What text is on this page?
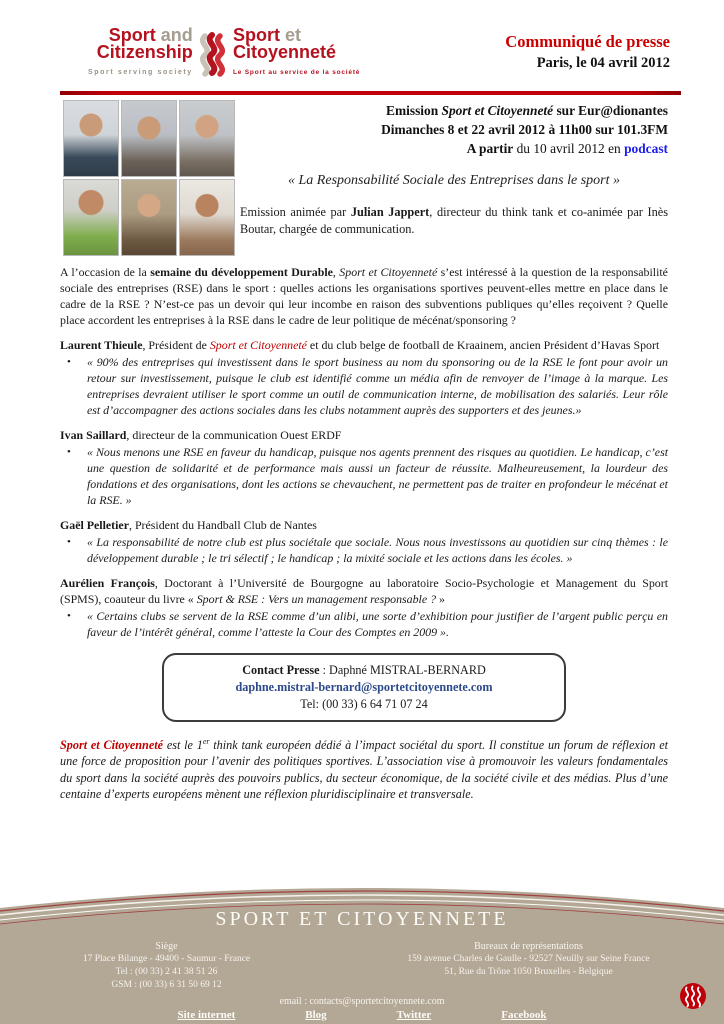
Sport and
Citizenship
Sport serving society
Sport et
Citoyenneté
Le Sport au service de la société
Communiqué de presse
Paris, le 04 avril 2012
Emission Sport et Citoyenneté sur Eur@dionantes
Dimanches 8 et 22 avril 2012 à 11h00 sur 101.3FM
A partir du 10 avril 2012 en podcast
« La Responsabilité Sociale des Entreprises dans le sport »
Emission animée par Julian Jappert, directeur du think tank et co-animée par Inès Boutar, chargée de communication.

A l’occasion de la semaine du développement Durable, Sport et Citoyenneté s’est intéressé à la question de la responsabilité sociale des entreprises (RSE) dans le sport : quelles actions les organisations sportives peuvent-elles mettre en place dans le cadre de la RSE ? N’est-ce pas un devoir qui leur incombe en raison des subventions publiques qu’elles reçoivent ? Quelle place accordent les entreprises à la RSE dans le cadre de leur politique de mécénat/sponsoring ?

Laurent Thieule, Président de Sport et Citoyenneté et du club belge de football de Kraainem, ancien Président d’Havas Sport

•	« 90% des entreprises qui investissent dans le sport business au nom du sponsoring ou de la RSE le font pour avoir un retour sur investissement, puisque le club est identifié comme un média afin de renvoyer de l’image à la marque. Les entreprises devraient utiliser le sport comme un outil de communication interne, de mobilisation des salariés. Leur rôle est d’accompagner des actions sociales dans les clubs notamment auprès des supporters et des jeunes.»

Ivan Saillard, directeur de la communication Ouest ERDF

•	« Nous menons une RSE en faveur du handicap, puisque nos agents prennent des risques au quotidien. Le handicap, c’est une question de solidarité et de performance mais aussi un facteur de réussite. Malheureusement, la lourdeur des fondations et des organisations, dont les actions se chevauchent, ne permettent pas de traiter en profondeur le mécénat et la RSE. »

Gaël Pelletier, Président du Handball Club de Nantes

•	« La responsabilité de notre club est plus sociétale que sociale. Nous nous investissons au quotidien sur cinq thèmes : le développement durable ; le tri sélectif ; le handicap ; la mixité sociale et les actions dans les écoles. »

Aurélien François, Doctorant à l’Université de Bourgogne au laboratoire Socio-Psychologie et Management du Sport (SPMS), coauteur du livre « Sport & RSE : Vers un management responsable ? »

•	« Certains clubs se servent de la RSE comme d’un alibi, une sorte d’exhibition pour justifier de l’argent public perçu en faveur de l’intérêt général, comme l’atteste la Cour des Comptes en 2009 ».
Contact Presse : Daphné MISTRAL-BERNARD
daphne.mistral-bernard@sportetcitoyennete.com
Tel: (00 33) 6 64 71 07 24

Sport et Citoyenneté est le 1er think tank européen dédié à l’impact sociétal du sport. Il constitue un forum de réflexion et une force de proposition pour l’avenir des politiques sportives. L’association vise à promouvoir les valeurs fondamentales du sport dans la société auprès des pouvoirs publics, du secteur économique, de la société civile et des médias. Plus d’une centaine d’experts européens mènent une réflexion pluridisciplinaire et transversale.

SPORT ET CITOYENNETE
Siège
17 Place Bilange - 49400 - Saumur - France
Tel : (00 33) 2 41 38 51 26
GSM : (00 33) 6 31 50 69 12
Bureaux de représentations
159 avenue Charles de Gaulle - 92527 Neuilly sur Seine France
51, Rue du Trône 1050 Bruxelles - Belgique
email : contacts@sportetcitoyennete.com
Site internet	Blog	Twitter	Facebook
